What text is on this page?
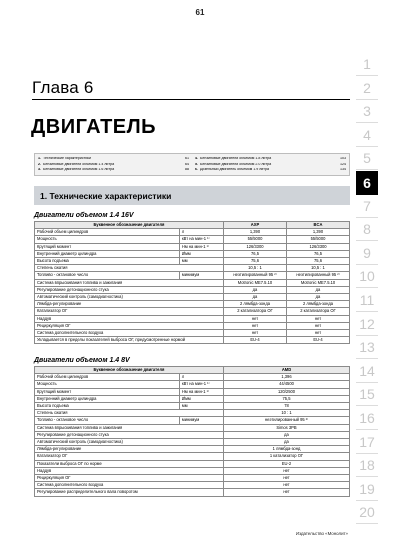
61
Глава 6
ДВИГАТЕЛЬ
1. Технические характеристики	61
2. Бензиновые двигатели объемом 1.4 литра	64
3. Бензиновые двигатели объемом 1.6 литра	88
4. Бензиновые двигатели объемом 1.8 литра	103
5. Бензиновые двигатели объемом 2.0 литра	124
6. Дизельный двигатель объемом 1.9 литра	134
1. Технические характеристики
Двигатели объемом 1.4 16V
Буквенное обозначение двигателя		AXP	BCA
Рабочий объем цилиндров	л	1,390	1,390
Мощность	кВт на мин-1 ¹⁾	55/5000	55/5000
Крутящий момент	Нм на мин-1 ¹⁾	126/3300	126/3300
Внутренний диаметр цилиндра	Øмм	76,5	76,5
Высота подъема	мм	75,6	75,6
Степень сжатия		10,5 : 1	10,5 : 1
Топливо - октановое число	минимум	неэтилированный 95 ²⁾	неэтилированный 95 ²⁾
Система впрыскивания топлива и зажигания		Motronic ME7.5.10	Motronic ME7.5.10
Регулирование детонационного стука		да	да
Автоматический контроль (самодиагностика)		да	да
Лямбда-регулирование		2 лямбда-зонда	2 лямбда-зонда
Катализатор ОГ		2 катализатора ОГ	2 катализатора ОГ
Наддув		нет	нет
Рециркуляция ОГ		нет	нет
Система дополнительного воздуха		нет	нет
Укладывается в пределы показателей выброса ОГ, предусмотренные нормой		EU-4	EU-4
Двигатели объемом 1.4 8V
Буквенное обозначение двигателя		AMD
Рабочий объем цилиндров	л	1,396
Мощность	кВт на мин-1 ¹⁾	44/4500
Крутящий момент	Нм на мин-1 ¹⁾	120/2500
Внутренний диаметр цилиндра	Øмм	75,5
Высота подъема	мм	78
Степень сжатия		10 : 1
Топливо - октановое число	минимум	неэтилированный 95 ²⁾
Система впрыскивания топлива и зажигания		Simos 3PB
Регулирование детонационного стука		да
Автоматический контроль (самодиагностика)		да
Лямбда-регулирование		1 лямбда-зонд
Катализатор ОГ		1 катализатор ОГ
Показатели выброса ОГ по норме		EU-2
Наддув		нет
Рециркуляция ОГ		нет
Система дополнительного воздуха		нет
Регулирование распределительного вала поворотом		нет
1
2
3
4
5
6
7
8
9
10
11
12
13
14
15
16
17
18
19
20
Издательство «Монолит»
